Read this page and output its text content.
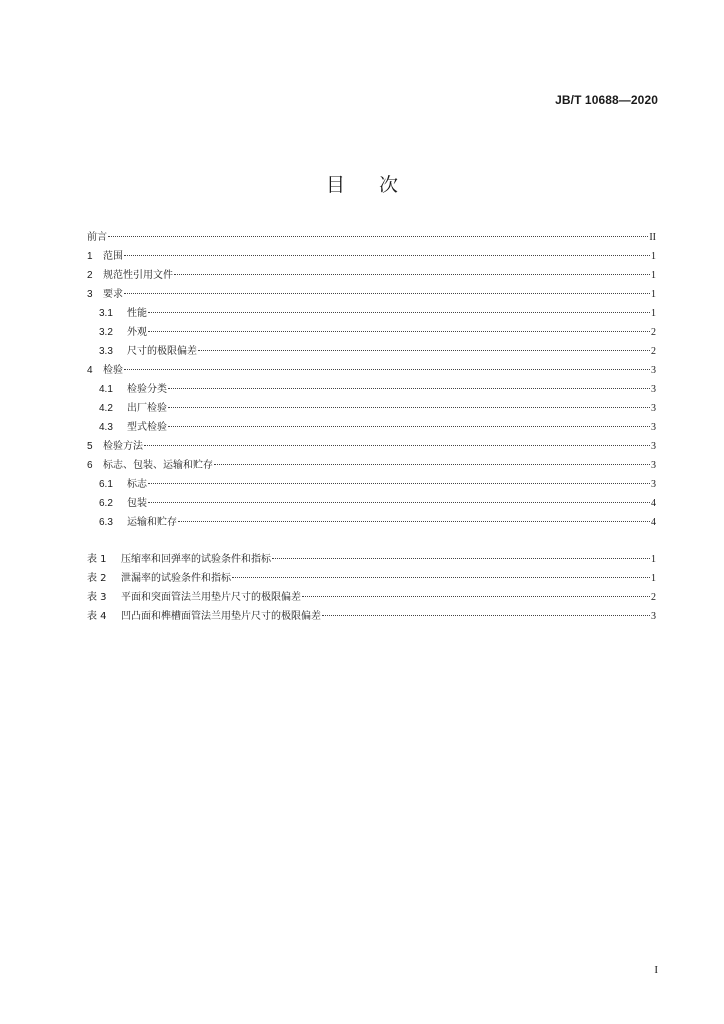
JB/T 10688—2020
目 次
前言	II
1	范围	1
2	规范性引用文件	1
3	要求	1
3.1	性能	1
3.2	外观	2
3.3	尺寸的极限偏差	2
4	检验	3
4.1	检验分类	3
4.2	出厂检验	3
4.3	型式检验	3
5	检验方法	3
6	标志、包装、运输和贮存	3
6.1	标志	3
6.2	包装	4
6.3	运输和贮存	4
表 1	压缩率和回弹率的试验条件和指标	1
表 2	泄漏率的试验条件和指标	1
表 3	平面和突面管法兰用垫片尺寸的极限偏差	2
表 4	凹凸面和榫槽面管法兰用垫片尺寸的极限偏差	3
I
